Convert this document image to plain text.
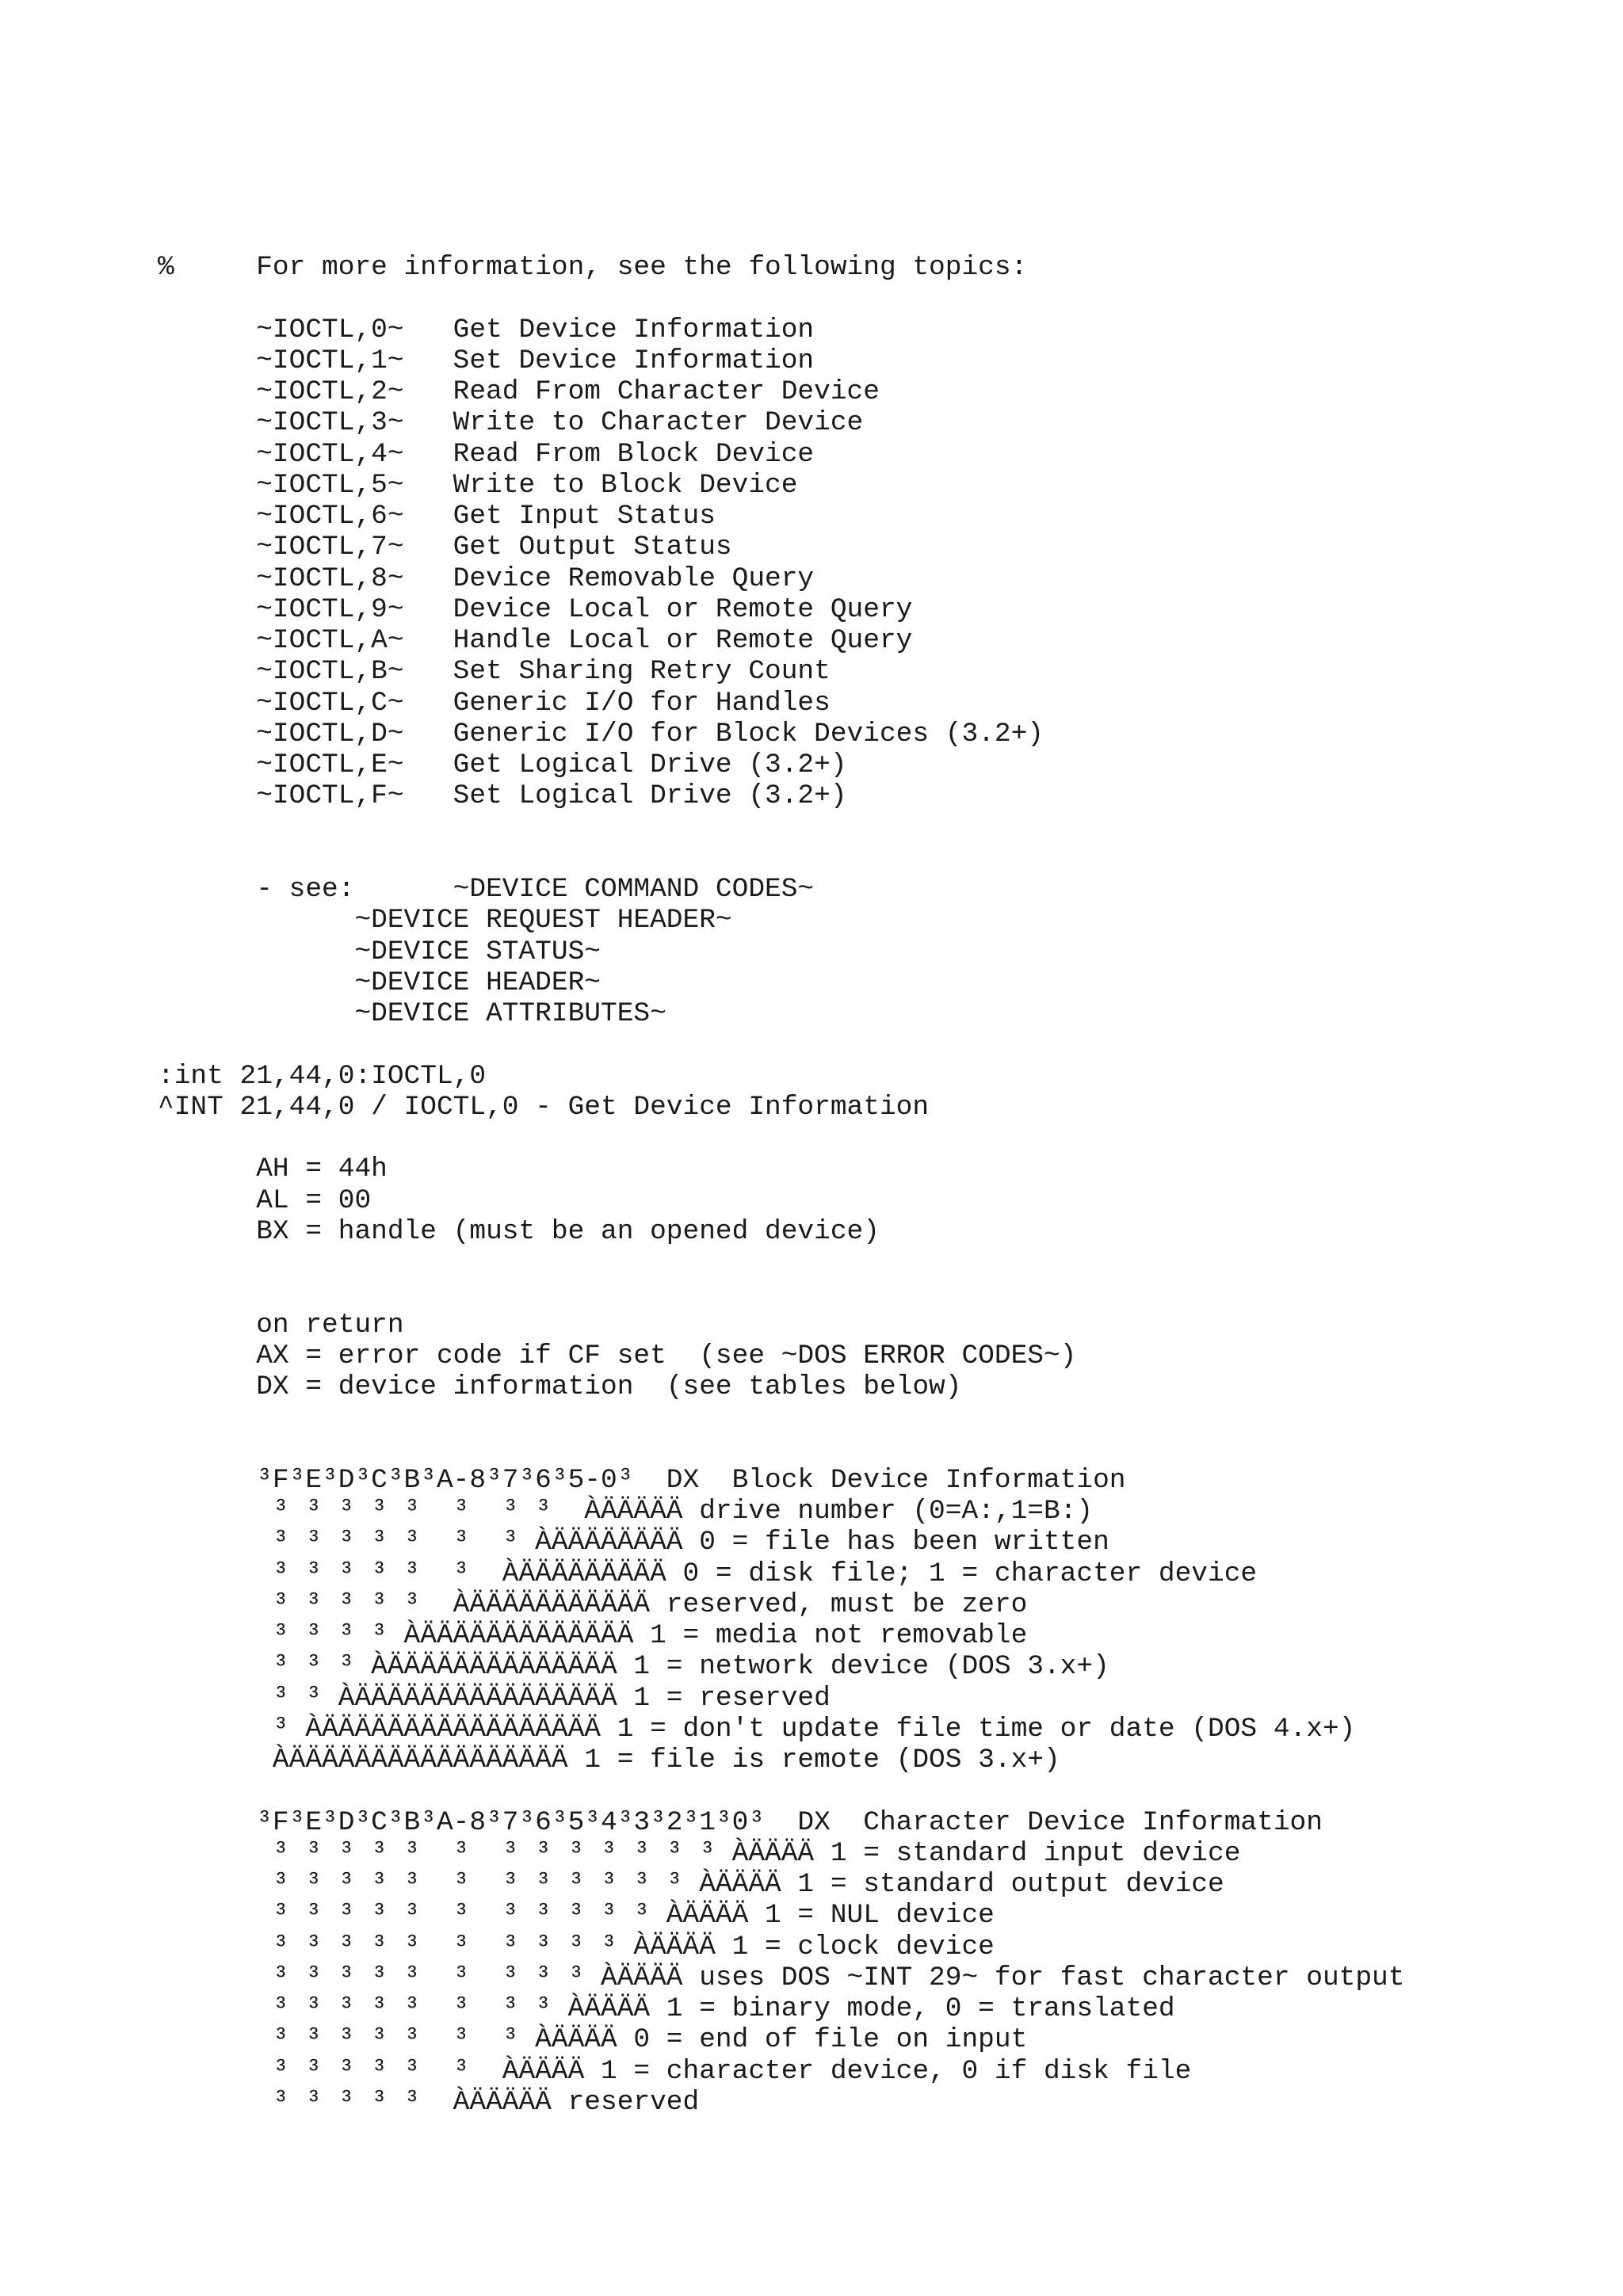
%     For more information, see the following topics:
~IOCTL,0~   Get Device Information
~IOCTL,1~   Set Device Information
~IOCTL,2~   Read From Character Device
~IOCTL,3~   Write to Character Device
~IOCTL,4~   Read From Block Device
~IOCTL,5~   Write to Block Device
~IOCTL,6~   Get Input Status
~IOCTL,7~   Get Output Status
~IOCTL,8~   Device Removable Query
~IOCTL,9~   Device Local or Remote Query
~IOCTL,A~   Handle Local or Remote Query
~IOCTL,B~   Set Sharing Retry Count
~IOCTL,C~   Generic I/O for Handles
~IOCTL,D~   Generic I/O for Block Devices (3.2+)
~IOCTL,E~   Get Logical Drive (3.2+)
~IOCTL,F~   Set Logical Drive (3.2+)
- see:      ~DEVICE COMMAND CODES~
~DEVICE REQUEST HEADER~
~DEVICE STATUS~
~DEVICE HEADER~
~DEVICE ATTRIBUTES~
:int 21,44,0:IOCTL,0
^INT 21,44,0 / IOCTL,0 - Get Device Information
AH = 44h
AL = 00
BX = handle (must be an opened device)
on return
AX = error code if CF set  (see ~DOS ERROR CODES~)
DX = device information  (see tables below)
³F³E³D³C³B³A-8³7³6³5-0³  DX  Block Device Information
³ ³ ³ ³ ³  ³  ³ ³  ÀÄÄÄÄÄ drive number (0=A:,1=B:)
³ ³ ³ ³ ³  ³  ³ ÀÄÄÄÄÄÄÄÄ 0 = file has been written
³ ³ ³ ³ ³  ³  ÀÄÄÄÄÄÄÄÄÄ 0 = disk file; 1 = character device
³ ³ ³ ³ ³  ÀÄÄÄÄÄÄÄÄÄÄÄ reserved, must be zero
³ ³ ³ ³ ÀÄÄÄÄÄÄÄÄÄÄÄÄÄ 1 = media not removable
³ ³ ³ ÀÄÄÄÄÄÄÄÄÄÄÄÄÄÄ 1 = network device (DOS 3.x+)
³ ³ ÀÄÄÄÄÄÄÄÄÄÄÄÄÄÄÄÄ 1 = reserved
³ ÀÄÄÄÄÄÄÄÄÄÄÄÄÄÄÄÄÄ 1 = don't update file time or date (DOS 4.x+)
ÀÄÄÄÄÄÄÄÄÄÄÄÄÄÄÄÄÄ 1 = file is remote (DOS 3.x+)
³F³E³D³C³B³A-8³7³6³5³4³3³2³1³0³  DX  Character Device Information
³ ³ ³ ³ ³  ³  ³ ³ ³ ³ ³ ³ ³ ÀÄÄÄÄ 1 = standard input device
³ ³ ³ ³ ³  ³  ³ ³ ³ ³ ³ ³ ÀÄÄÄÄ 1 = standard output device
³ ³ ³ ³ ³  ³  ³ ³ ³ ³ ³ ÀÄÄÄÄ 1 = NUL device
³ ³ ³ ³ ³  ³  ³ ³ ³ ³ ÀÄÄÄÄ 1 = clock device
³ ³ ³ ³ ³  ³  ³ ³ ³ ÀÄÄÄÄ uses DOS ~INT 29~ for fast character output
³ ³ ³ ³ ³  ³  ³ ³ ÀÄÄÄÄ 1 = binary mode, 0 = translated
³ ³ ³ ³ ³  ³  ³ ÀÄÄÄÄ 0 = end of file on input
³ ³ ³ ³ ³  ³  ÀÄÄÄÄ 1 = character device, 0 if disk file
³ ³ ³ ³ ³  ÀÄÄÄÄÄ reserved
